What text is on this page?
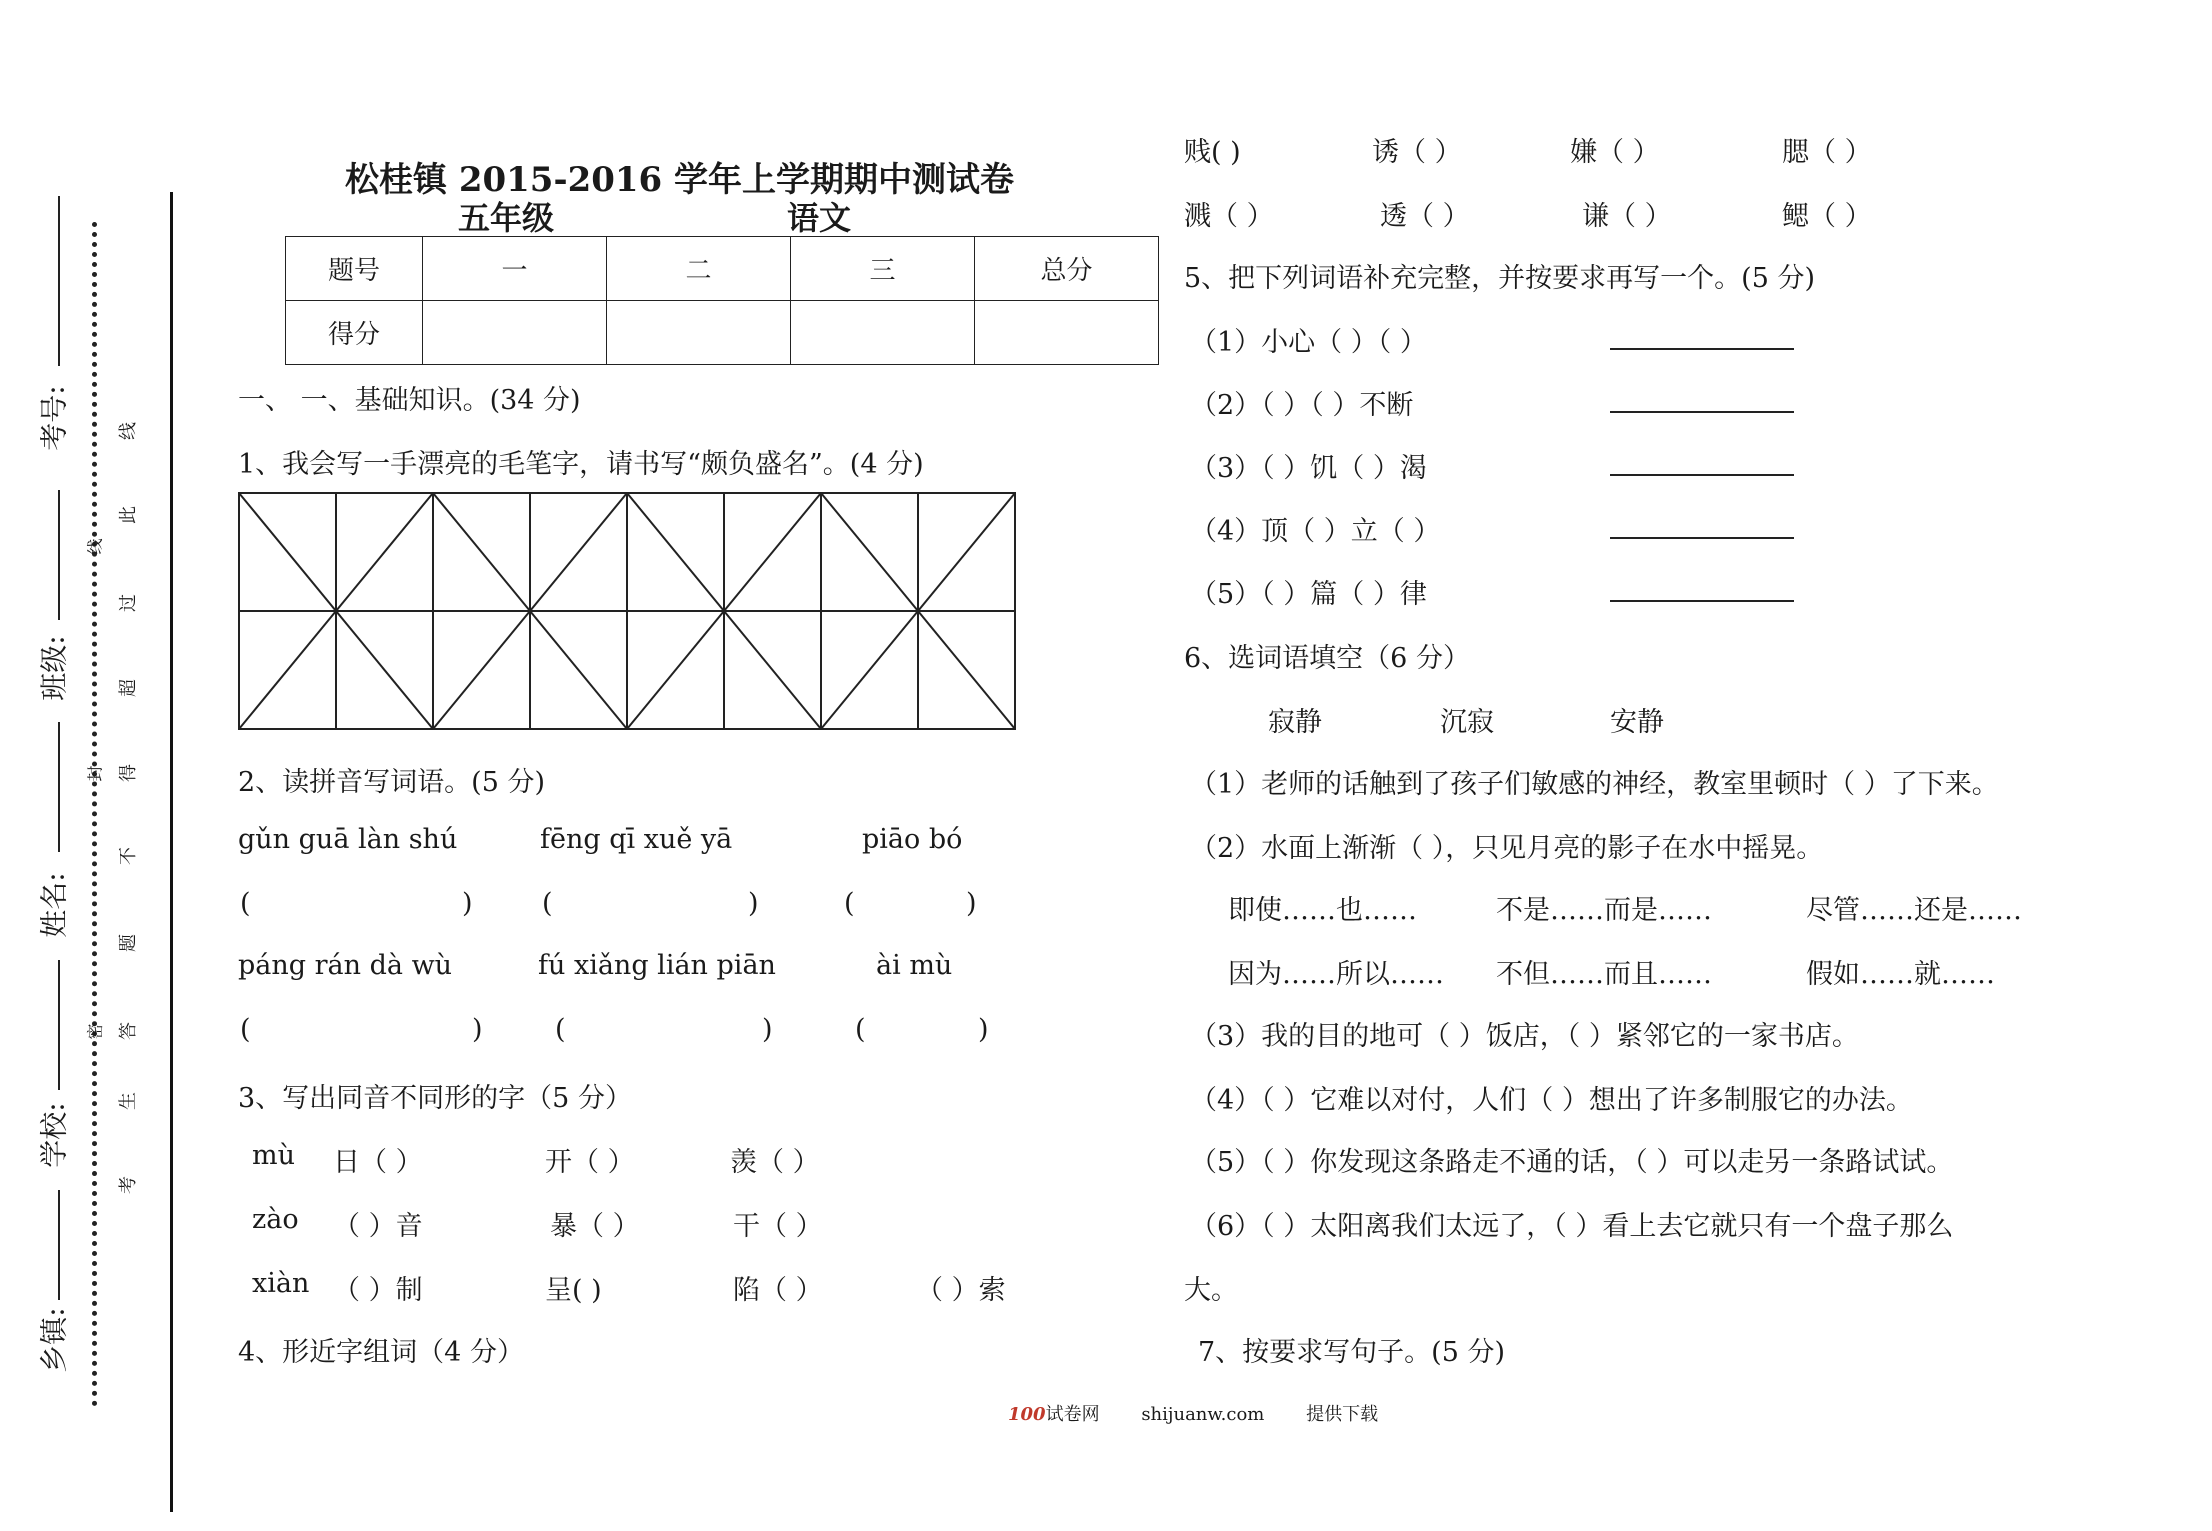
考号:
班级:
姓名:
学校:
乡镇:
考
生
答
题
不
得
超
过
此
线
密
封
线
松桂镇 2015-2016 学年上学期期中测试卷
五年级	语文
题号	一	二	三	总分
得分				
一、 一、基础知识。(34 分)
1、我会写一手漂亮的毛笔字，请书写“颇负盛名”。(4 分)
2、读拼音写词语。(5 分)
gǔn guā làn shú	fēng qī xuě yā	piāo bó
(	)	(	)	(	)
páng rán dà wù	fú xiǎng lián piān	ài mù
(	)	(	)	(	)
3、写出同音不同形的字（5 分）
mù 日（ ）	开（ ）	羡（ ）
zào （ ）音	暴（ ）	干（ ）
xiàn （ ）制	呈( )	陷（ ）	（ ）索
4、形近字组词（4 分）
贱( )	诱（ ）	嫌（ ）	腮（ ）
溅（ ）	透（ ）	谦（ ）	鳃（ ）
5、把下列词语补充完整，并按要求再写一个。(5 分)
（1）小心（ ）（ ）
（2）（ ）（ ）不断
（3）（ ）饥（ ）渴
（4）顶（ ）立（ ）
（5）（ ）篇（ ）律
6、选词语填空（6 分）
寂静	沉寂	安静
（1）老师的话触到了孩子们敏感的神经，教室里顿时（ ）了下来。
（2）水面上渐渐（ ），只见月亮的影子在水中摇晃。
即使……也……	不是……而是……	尽管……还是……
因为……所以…… 不但……而且……	假如……就……
（3）我的目的地可（ ）饭店，（ ）紧邻它的一家书店。
（4）（ ）它难以对付，人们（ ）想出了许多制服它的办法。
（5）（ ）你发现这条路走不通的话，（ ）可以走另一条路试试。
（6）（ ）太阳离我们太远了，（ ）看上去它就只有一个盘子那么
大。
7、按要求写句子。(5 分)
100试卷网 shijuanw.com 提供下载
